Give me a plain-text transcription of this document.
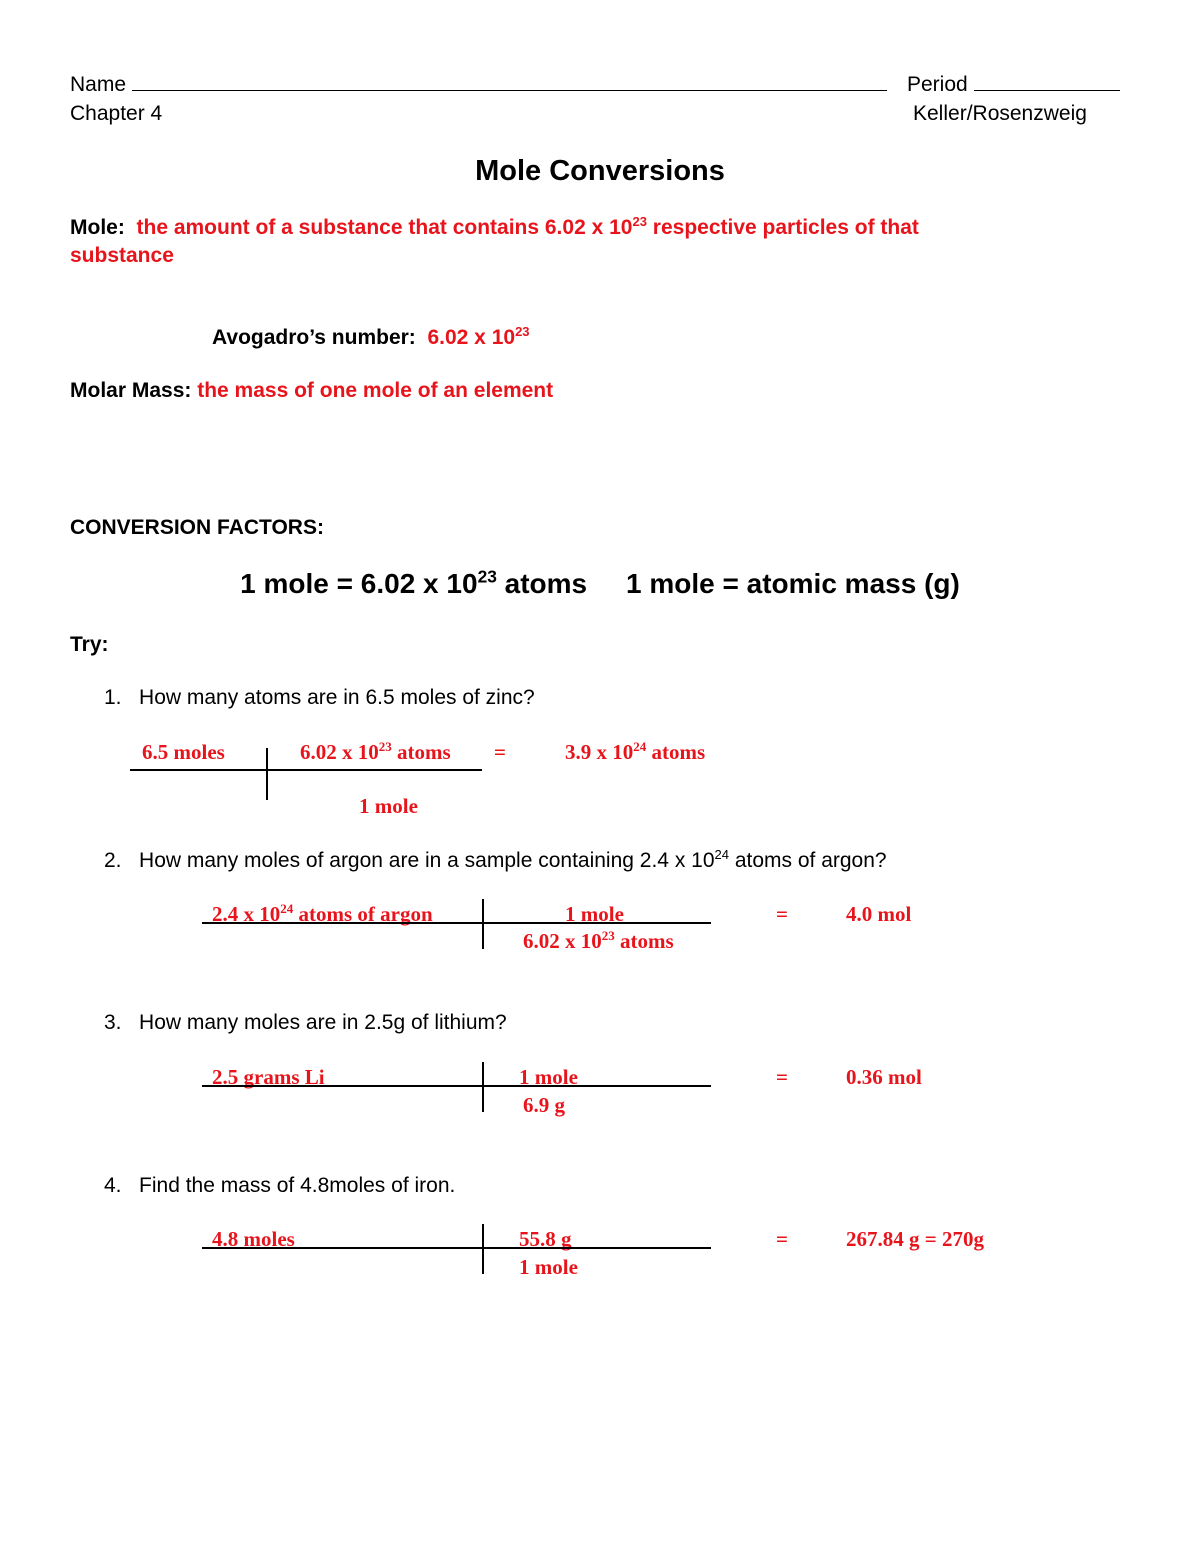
Name	Period
Chapter 4	Keller/Rosenzweig
Mole Conversions
Mole: the amount of a substance that contains 6.02 x $10^{23}$ respective particles of that
substance
Avogadro’s number: 6.02 x $10^{23}$
Molar Mass: the mass of one mole of an element
CONVERSION FACTORS:
1 mole = 6.02 x $10^{23}$ atoms 1 mole = atomic mass (g)
Try:
1. How many atoms are in 6.5 moles of zinc?
6.5 moles	6.02 x $10^{23}$ atoms =	3.9 x $10^{24}$ atoms
1 mole
2. How many moles of argon are in a sample containing 2.4 x $10^{24}$ atoms of argon?
2.4 x $10^{24}$ atoms of argon	1 mole	=	4.0 mol
6.02 x $10^{23}$ atoms
3. How many moles are in 2.5g of lithium?
2.5 grams Li	1 mole	=	0.36 mol
6.9 g
4. Find the mass of 4.8moles of iron.
4.8 moles	55.8 g	=	267.84 g = 270g
1 mole
